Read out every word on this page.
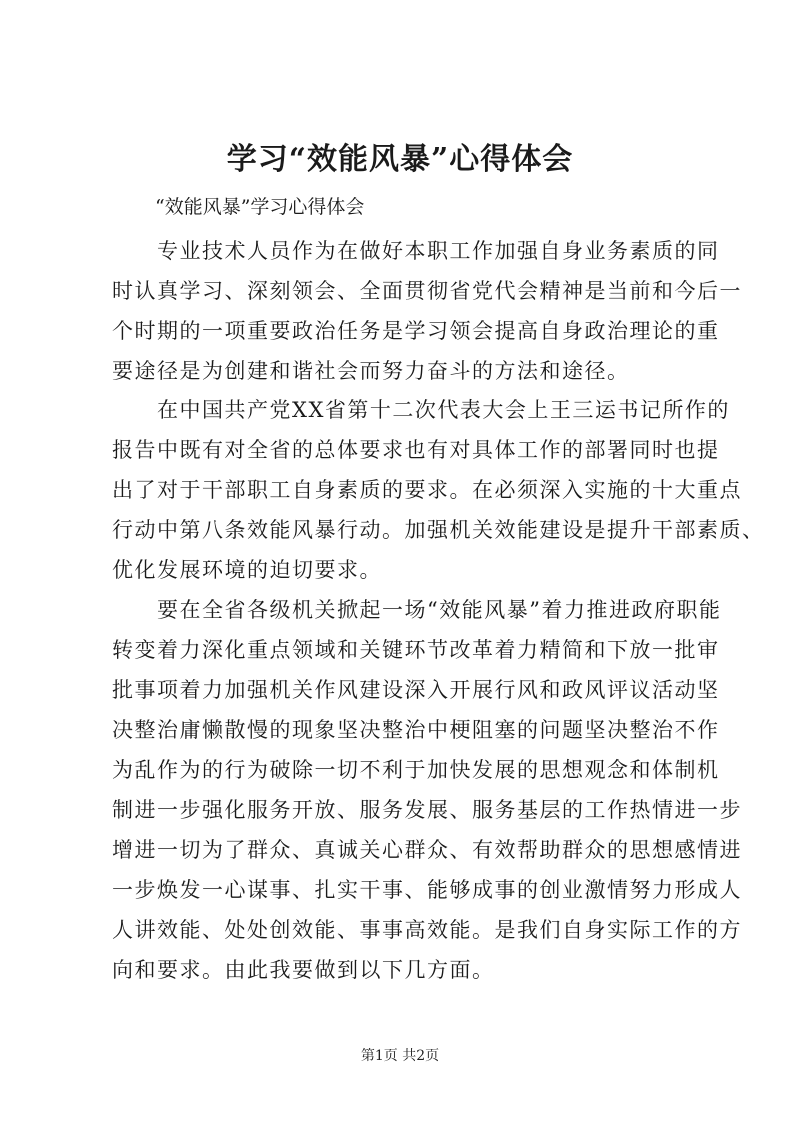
学习“效能风暴”心得体会
“效能风暴”学习心得体会
　　专业技术人员作为在做好本职工作加强自身业务素质的同
时认真学习、深刻领会、全面贯彻省党代会精神是当前和今后一
个时期的一项重要政治任务是学习领会提高自身政治理论的重
要途径是为创建和谐社会而努力奋斗的方法和途径。
　　在中国共产党XX省第十二次代表大会上王三运书记所作的
报告中既有对全省的总体要求也有对具体工作的部署同时也提
出了对于干部职工自身素质的要求。在必须深入实施的十大重点
行动中第八条效能风暴行动。加强机关效能建设是提升干部素质、
优化发展环境的迫切要求。
　　要在全省各级机关掀起一场“效能风暴”着力推进政府职能
转变着力深化重点领域和关键环节改革着力精简和下放一批审
批事项着力加强机关作风建设深入开展行风和政风评议活动坚
决整治庸懒散慢的现象坚决整治中梗阻塞的问题坚决整治不作
为乱作为的行为破除一切不利于加快发展的思想观念和体制机
制进一步强化服务开放、服务发展、服务基层的工作热情进一步
增进一切为了群众、真诚关心群众、有效帮助群众的思想感情进
一步焕发一心谋事、扎实干事、能够成事的创业激情努力形成人
人讲效能、处处创效能、事事高效能。是我们自身实际工作的方
向和要求。由此我要做到以下几方面。
第1页 共2页
